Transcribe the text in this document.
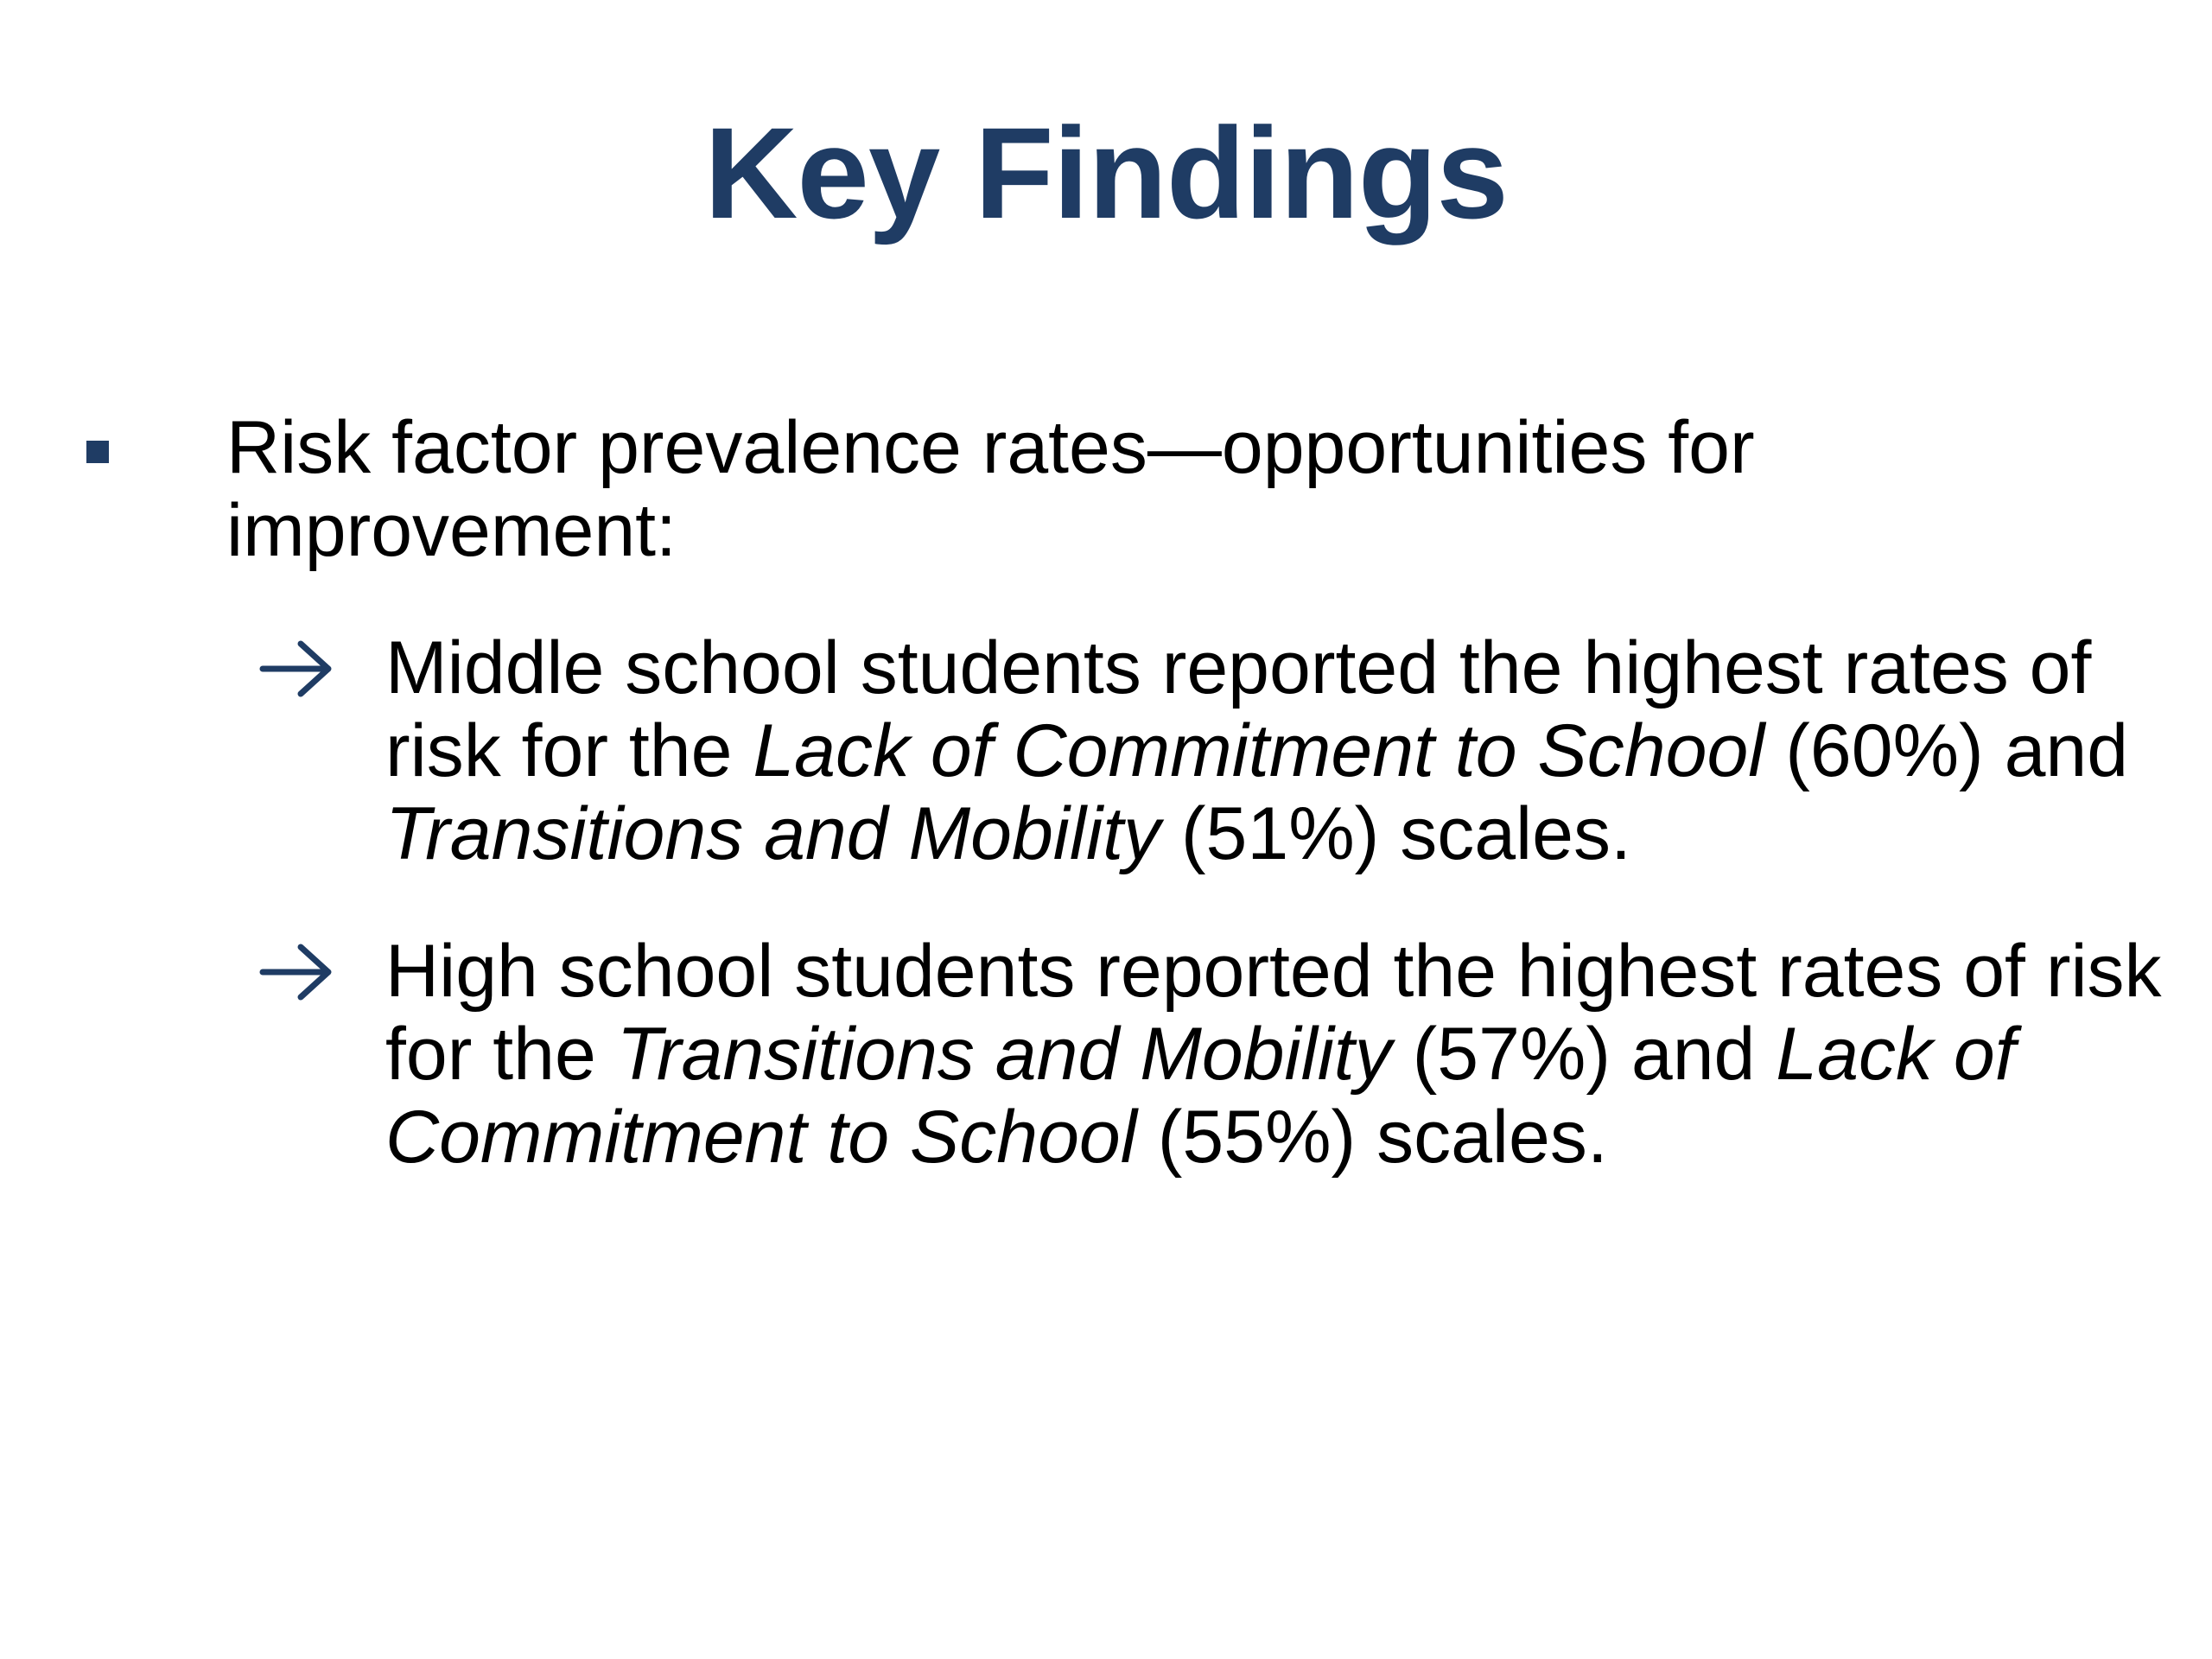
Key Findings

Risk factor prevalence rates—opportunities for improvement:

Middle school students reported the highest rates of risk for the Lack of Commitment to School (60%) and Transitions and Mobility (51%) scales.

High school students reported the highest rates of risk for the Transitions and Mobility (57%) and Lack of Commitment to School (55%) scales.
